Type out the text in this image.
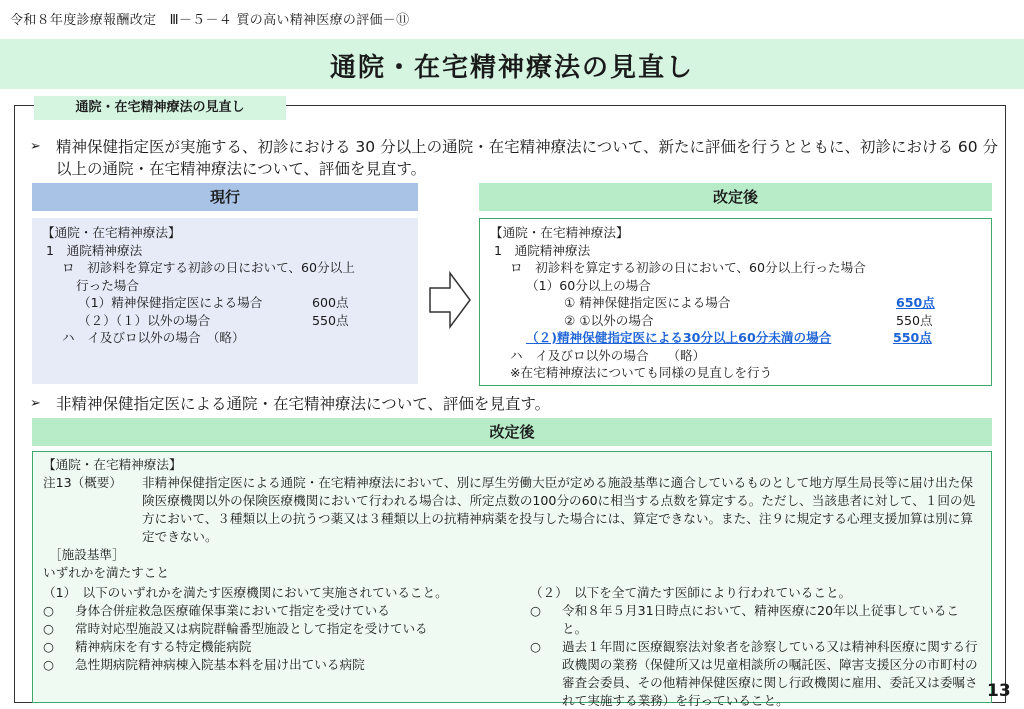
令和８年度診療報酬改定　Ⅲ－５－４ 質の高い精神医療の評価－⑪
通院・在宅精神療法の見直し
通院・在宅精神療法の見直し
➢ 精神保健指定医が実施する、初診における 30 分以上の通院・在宅精神療法について、新たに評価を行うとともに、初診における 60 分以上の通院・在宅精神療法について、評価を見直す。
現行	改定後
【通院・在宅精神療法】
1　通院精神療法
ロ　初診料を算定する初診の日において、60分以上
行った場合
（1）精神保健指定医による場合	600点
（２）（１）以外の場合	550点
ハ　イ及びロ以外の場合　（略）
【通院・在宅精神療法】
1　通院精神療法
ロ　初診料を算定する初診の日において、60分以上行った場合
（1）60分以上の場合
① 精神保健指定医による場合	650点
② ①以外の場合	550点
（２)精神保健指定医による30分以上60分未満の場合	550点
ハ　イ及びロ以外の場合　　（略）
※在宅精神療法についても同様の見直しを行う
➢ 非精神保健指定医による通院・在宅精神療法について、評価を見直す。
改定後
【通院・在宅精神療法】
注13（概要）	非精神保健指定医による通院・在宅精神療法において、別に厚生労働大臣が定める施設基準に適合しているものとして地方厚生局長等に届け出た保険医療機関以外の保険医療機関において行われる場合は、所定点数の100分の60に相当する点数を算定する。ただし、当該患者に対して、１回の処方において、３種類以上の抗うつ薬又は３種類以上の抗精神病薬を投与した場合には、算定できない。また、注９に規定する心理支援加算は別に算定できない。
［施設基準］
いずれかを満たすこと
（1）　以下のいずれかを満たす医療機関において実施されていること。
○ 身体合併症救急医療確保事業において指定を受けている
○ 常時対応型施設又は病院群輪番型施設として指定を受けている
○ 精神病床を有する特定機能病院
○ 急性期病院精神病棟入院基本料を届け出ている病院
（２）　以下を全て満たす医師により行われていること。
○ 令和８年５月31日時点において、精神医療に20年以上従事していること。
○ 過去１年間に医療観察法対象者を診察している又は精神科医療に関する行政機関の業務（保健所又は児童相談所の嘱託医、障害支援区分の市町村の審査会委員、その他精神保健医療に関し行政機関に雇用、委託又は委嘱されて実施する業務）を行っていること。	13
